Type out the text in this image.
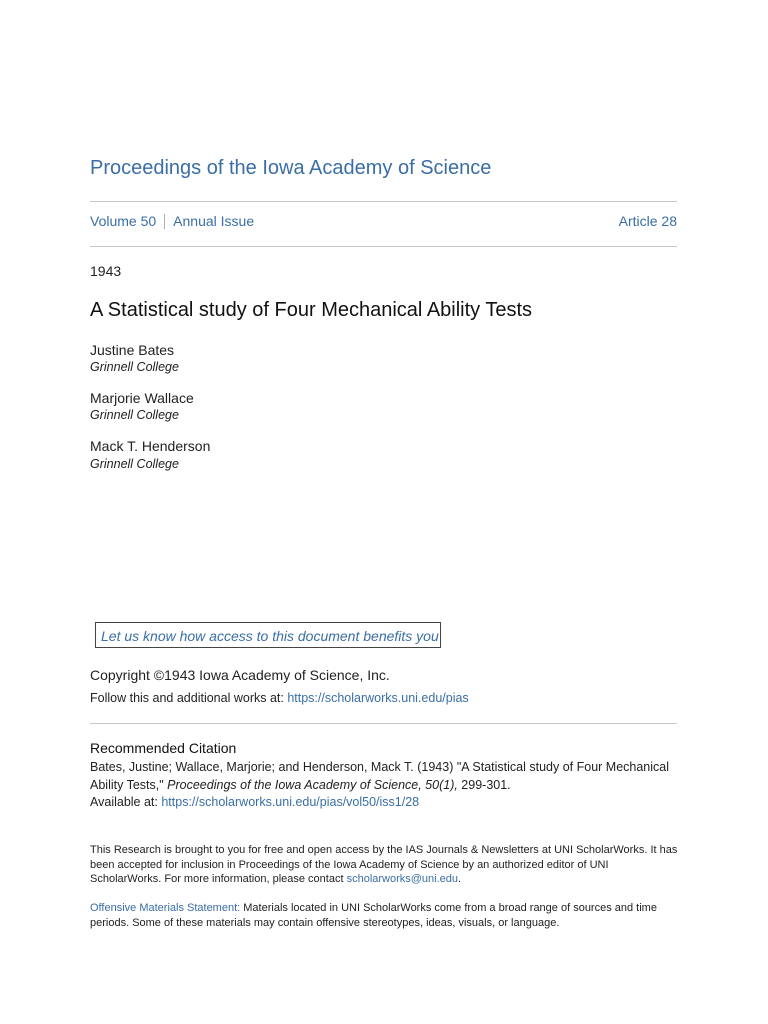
Proceedings of the Iowa Academy of Science
Volume 50 Annual Issue	Article 28
1943
A Statistical study of Four Mechanical Ability Tests
Justine Bates
Grinnell College
Marjorie Wallace
Grinnell College
Mack T. Henderson
Grinnell College
Let us know how access to this document benefits you
Copyright ©1943 Iowa Academy of Science, Inc.
Follow this and additional works at: https://scholarworks.uni.edu/pias
Recommended Citation
Bates, Justine; Wallace, Marjorie; and Henderson, Mack T. (1943) "A Statistical study of Four Mechanical Ability Tests," Proceedings of the Iowa Academy of Science, 50(1), 299-301.
Available at: https://scholarworks.uni.edu/pias/vol50/iss1/28
This Research is brought to you for free and open access by the IAS Journals & Newsletters at UNI ScholarWorks. It has been accepted for inclusion in Proceedings of the Iowa Academy of Science by an authorized editor of UNI ScholarWorks. For more information, please contact scholarworks@uni.edu.
Offensive Materials Statement: Materials located in UNI ScholarWorks come from a broad range of sources and time periods. Some of these materials may contain offensive stereotypes, ideas, visuals, or language.
